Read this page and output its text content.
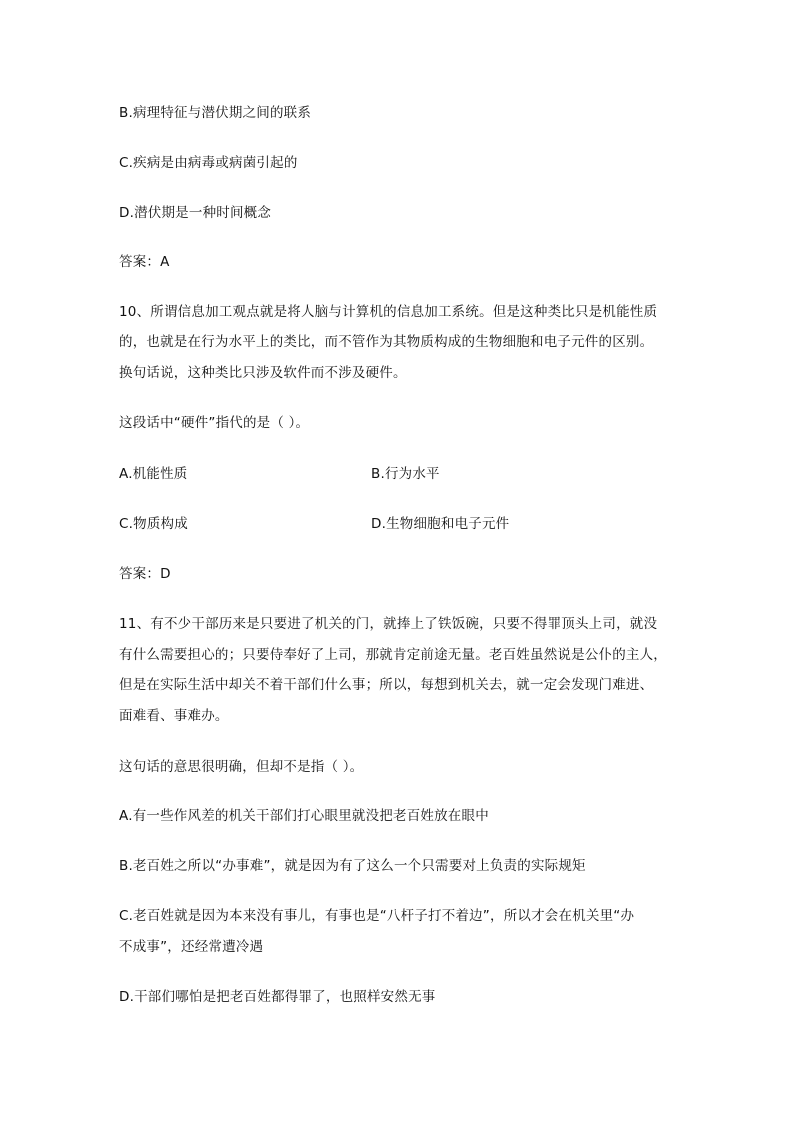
B.病理特征与潜伏期之间的联系
C.疾病是由病毒或病菌引起的
D.潜伏期是一种时间概念
答案：A
10、所谓信息加工观点就是将人脑与计算机的信息加工系统。但是这种类比只是机能性质
的，也就是在行为水平上的类比，而不管作为其物质构成的生物细胞和电子元件的区别。
换句话说，这种类比只涉及软件而不涉及硬件。
这段话中“硬件”指代的是（ ）。
A.机能性质	B.行为水平
C.物质构成	D.生物细胞和电子元件
答案：D
11、有不少干部历来是只要进了机关的门，就捧上了铁饭碗，只要不得罪顶头上司，就没
有什么需要担心的；只要侍奉好了上司，那就肯定前途无量。老百姓虽然说是公仆的主人，
但是在实际生活中却关不着干部们什么事；所以，每想到机关去，就一定会发现门难进、
面难看、事难办。
这句话的意思很明确，但却不是指（ ）。
A.有一些作风差的机关干部们打心眼里就没把老百姓放在眼中
B.老百姓之所以“办事难”，就是因为有了这么一个只需要对上负责的实际规矩
C.老百姓就是因为本来没有事儿，有事也是“八杆子打不着边”，所以才会在机关里“办
不成事”，还经常遭冷遇
D.干部们哪怕是把老百姓都得罪了，也照样安然无事
